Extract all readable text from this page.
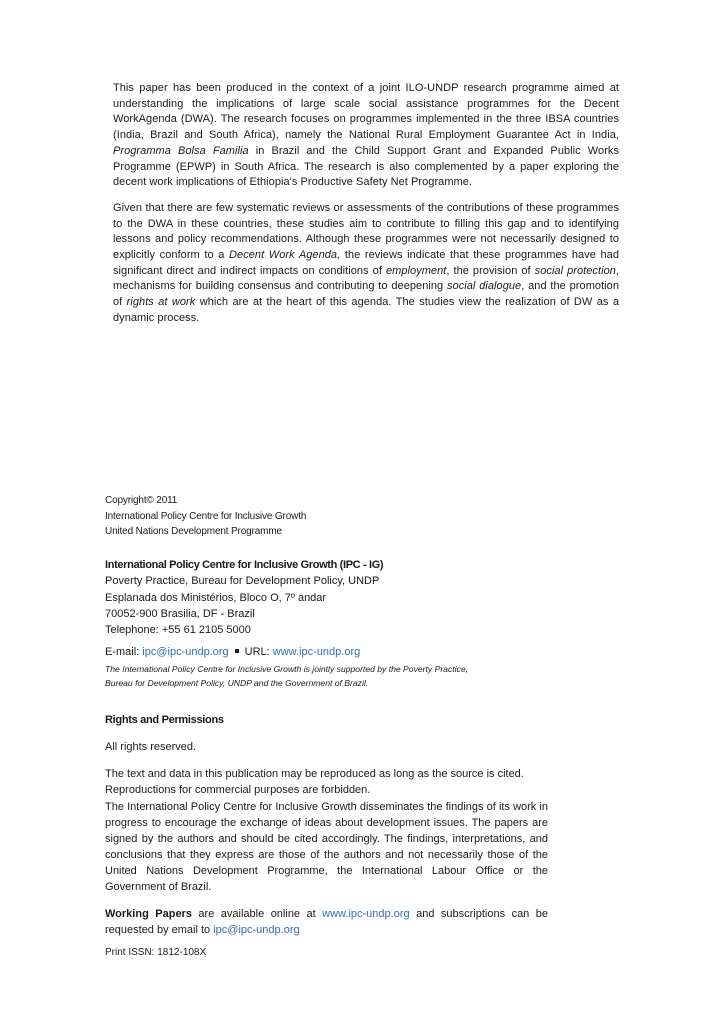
This paper has been produced in the context of a joint ILO-UNDP research programme aimed at understanding the implications of large scale social assistance programmes for the Decent WorkAgenda (DWA). The research focuses on programmes implemented in the three IBSA countries (India, Brazil and South Africa), namely the National Rural Employment Guarantee Act in India, Programma Bolsa Familia in Brazil and the Child Support Grant and Expanded Public Works Programme (EPWP) in South Africa. The research is also complemented by a paper exploring the decent work implications of Ethiopia's Productive Safety Net Programme.

Given that there are few systematic reviews or assessments of the contributions of these programmes to the DWA in these countries, these studies aim to contribute to filling this gap and to identifying lessons and policy recommendations. Although these programmes were not necessarily designed to explicitly conform to a Decent Work Agenda, the reviews indicate that these programmes have had significant direct and indirect impacts on conditions of employment, the provision of social protection, mechanisms for building consensus and contributing to deepening social dialogue, and the promotion of rights at work which are at the heart of this agenda. The studies view the realization of DW as a dynamic process.

Copyright© 2011
International Policy Centre for Inclusive Growth
United Nations Development Programme
International Policy Centre for Inclusive Growth (IPC - IG)
Poverty Practice, Bureau for Development Policy, UNDP
Esplanada dos Ministérios, Bloco O, 7º andar
70052-900 Brasilia, DF - Brazil
Telephone: +55 61 2105 5000
E-mail: ipc@ipc-undp.org URL: www.ipc-undp.org
The International Policy Centre for Inclusive Growth is jointly supported by the Poverty Practice,
Bureau for Development Policy, UNDP and the Government of Brazil.
Rights and Permissions

All rights reserved.

The text and data in this publication may be reproduced as long as the source is cited.

Reproductions for commercial purposes are forbidden.

The International Policy Centre for Inclusive Growth disseminates the findings of its work in progress to encourage the exchange of ideas about development issues. The papers are signed by the authors and should be cited accordingly. The findings, interpretations, and conclusions that they express are those of the authors and not necessarily those of the United Nations Development Programme, the International Labour Office or the Government of Brazil.

Working Papers are available online at www.ipc-undp.org and subscriptions can be requested by email to ipc@ipc-undp.org

Print ISSN: 1812-108X
